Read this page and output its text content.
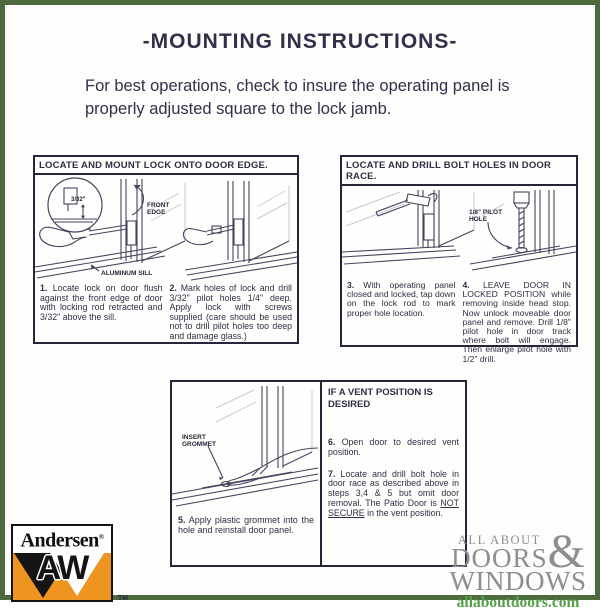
-MOUNTING INSTRUCTIONS-
For best operations, check to insure the operating panel is properly adjusted square to the lock jamb.
LOCATE AND MOUNT LOCK ONTO DOOR EDGE.
3/32"
FRONT EDGE
ALUMINUM SILL

1. Locate lock on door flush against the front edge of door with locking rod retracted and 3/32" above the sill.

2. Mark holes of lock and drill 3/32" pilot holes 1/4" deep. Apply lock with screws supplied (care should be used not to drill pilot holes too deep and damage glass.)

LOCATE AND DRILL BOLT HOLES IN DOOR RACE.
1/8" PILOT HOLE

3. With operating panel closed and locked, tap down on the lock rod to mark proper hole location.

4. LEAVE DOOR IN LOCKED POSITION while removing inside head stop. Now unlock moveable door panel and remove. Drill 1/8" pilot hole in door track where bolt will engage. Then enlarge pilot hole with 1/2" drill.

INSERT GROMMET

5. Apply plastic grommet into the hole and reinstall door panel.

IF A VENT POSITION IS DESIRED

6. Open door to desired vent position.

7. Locate and drill bolt hole in door race as described above in steps 3,4 & 5 but omit door removal. The Patio Door is NOT SECURE in the vent position.

Andersen®
AW
TM
ALL ABOUT
DOORS &
WINDOWS
allaboutdoors.com
